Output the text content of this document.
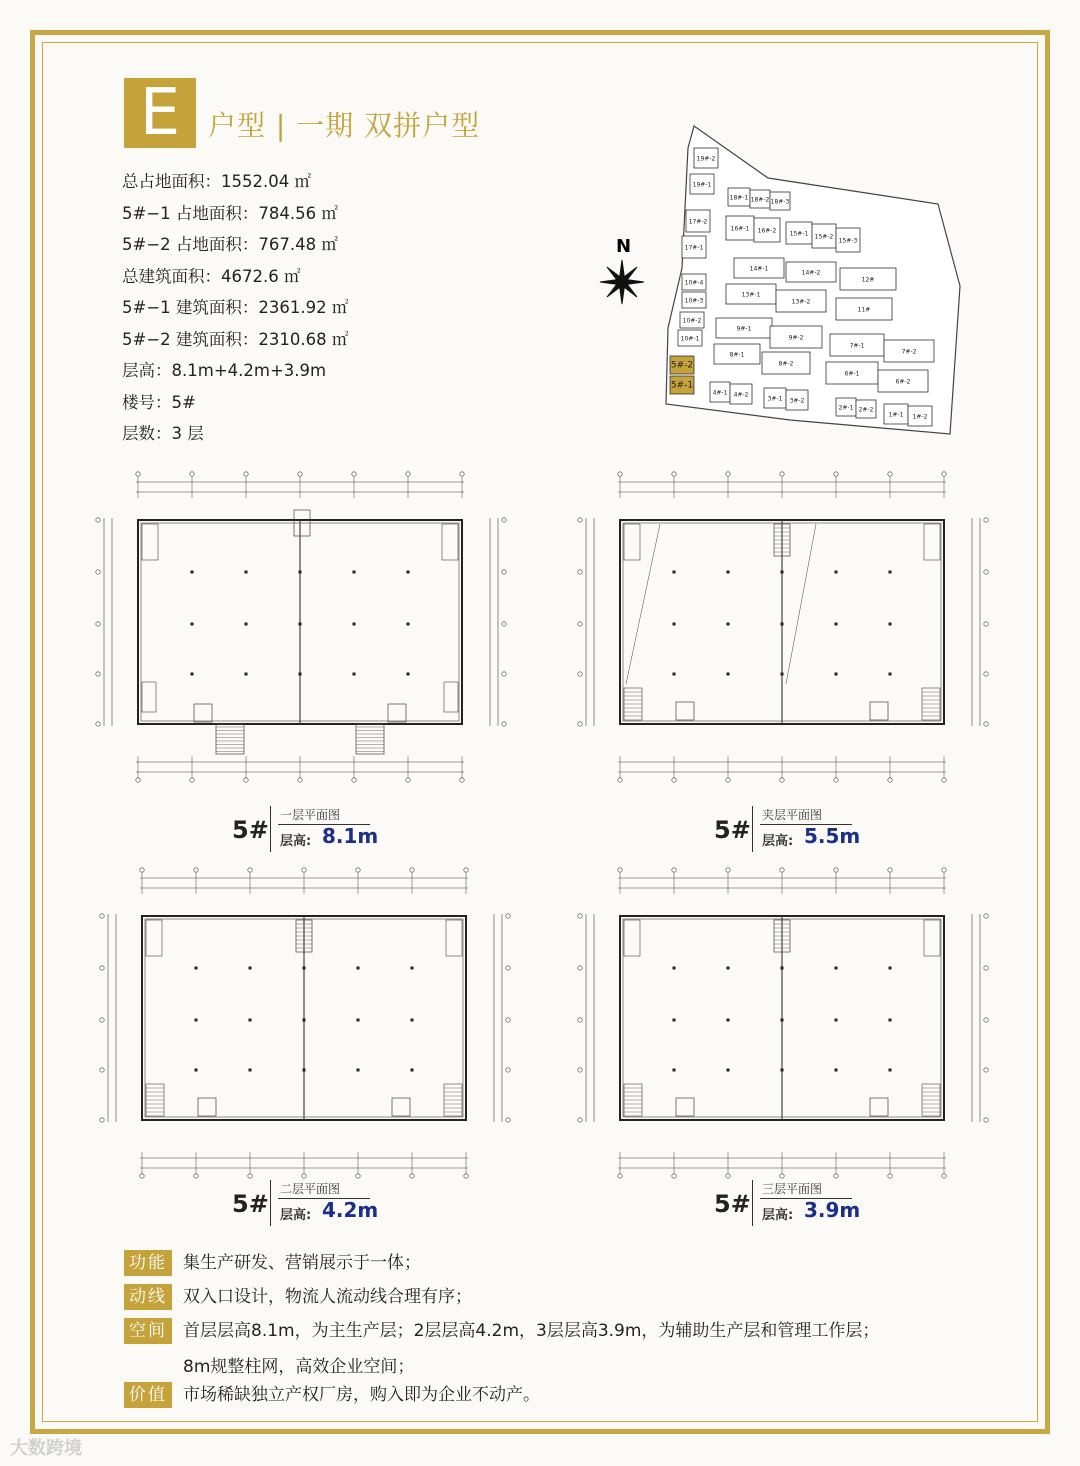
E 户型 | 一期 双拼户型
总占地面积：1552.04 ㎡
5#−1 占地面积：784.56 ㎡
5#−2 占地面积：767.48 ㎡
总建筑面积：4672.6 ㎡
5#−1 建筑面积：2361.92 ㎡
5#−2 建筑面积：2310.68 ㎡
层高：8.1m+4.2m+3.9m
楼号：5#
层数：3 层
N
19#-2
19#-1
18#-1 18#-2 18#-3
17#-2
17#-1
16#-1 16#-2 15#-1 15#-2
15#-3
14#-1
14#-2
12#
11#
10#-4
10#-3
10#-2
10#-1
13#-1
13#-2
9#-1
9#-2
8#-1
8#-2
7#-1
7#-2
6#-1
6#-2
5#-2
5#-1
4#-1 4#-2
3#-1 3#-2
2#-1 2#-2
1#-1 1#-2
5#
一层平面图
层高: 8.1m	5#
夹层平面图
层高: 5.5m
5#
二层平面图
层高: 4.2m	5#
三层平面图
层高: 3.9m
功能 集生产研发、营销展示于一体；
动线 双入口设计，物流人流动线合理有序；
空间 首层层高8.1m，为主生产层；2层层高4.2m，3层层高3.9m，为辅助生产层和管理工作层；
8m规整柱网，高效企业空间；
价值 市场稀缺独立产权厂房，购入即为企业不动产。
大数跨境
